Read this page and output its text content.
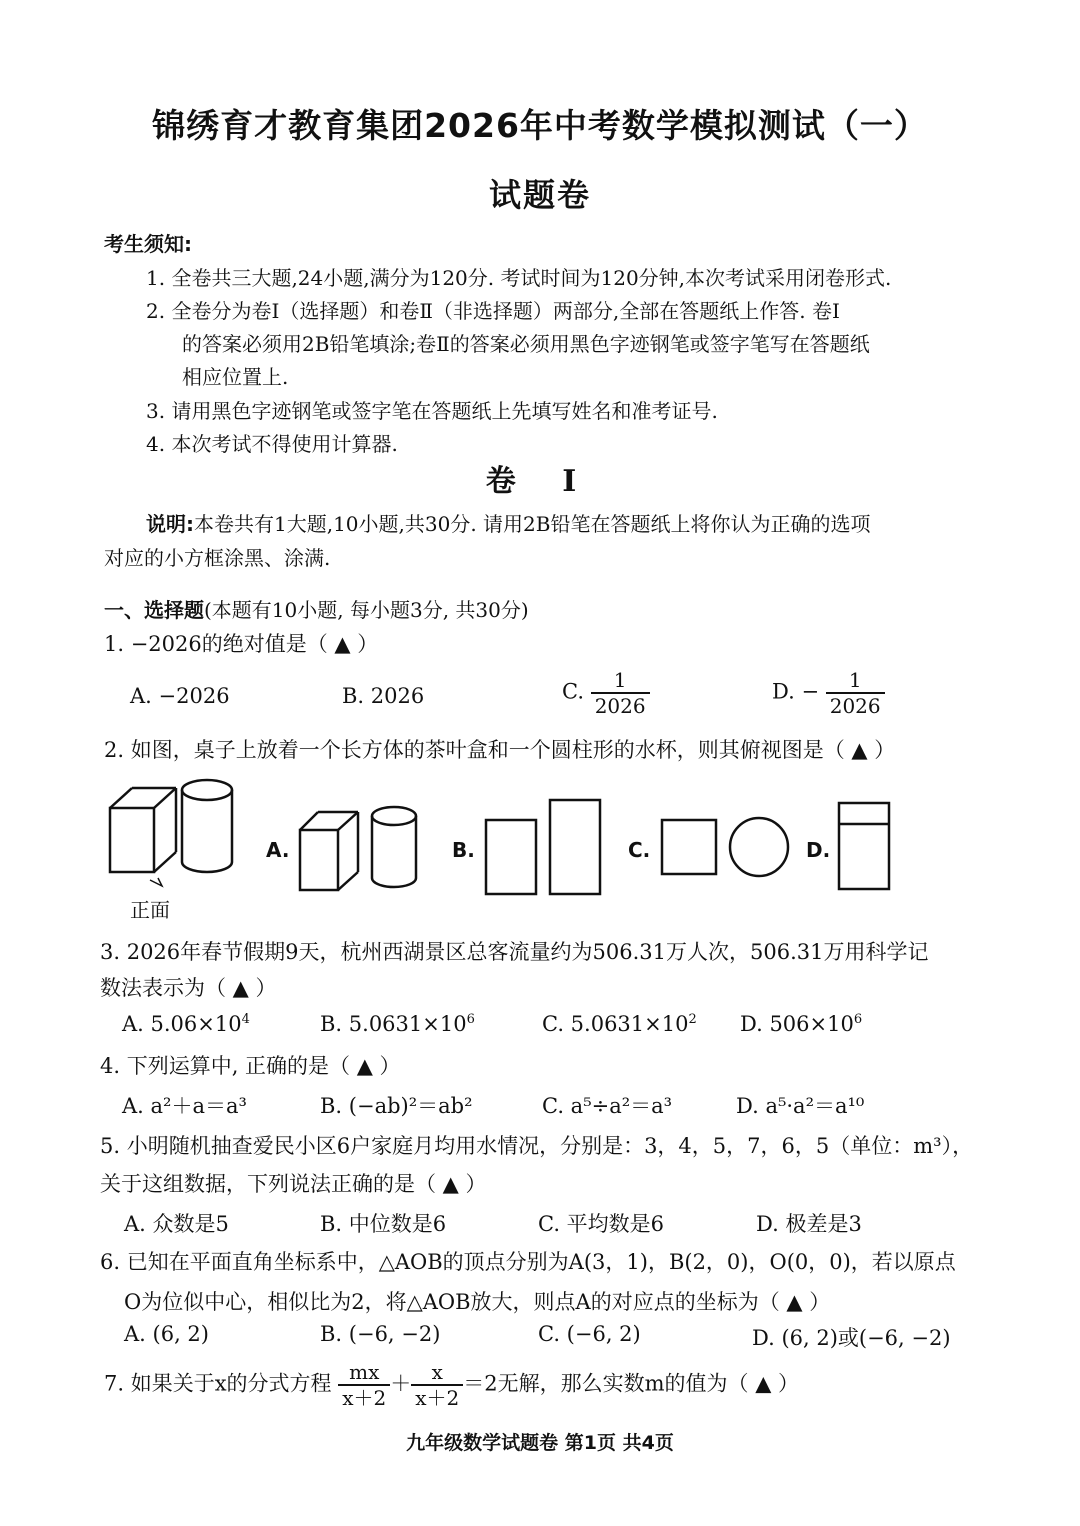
锦绣育才教育集团2026年中考数学模拟测试（一）
试题卷
考生须知:
1. 全卷共三大题,24小题,满分为120分. 考试时间为120分钟,本次考试采用闭卷形式.
2. 全卷分为卷Ⅰ（选择题）和卷Ⅱ（非选择题）两部分,全部在答题纸上作答. 卷Ⅰ
的答案必须用2B铅笔填涂;卷Ⅱ的答案必须用黑色字迹钢笔或签字笔写在答题纸
相应位置上.
3. 请用黑色字迹钢笔或签字笔在答题纸上先填写姓名和准考证号.
4. 本次考试不得使用计算器.
卷 Ⅰ
说明:本卷共有1大题,10小题,共30分. 请用2B铅笔在答题纸上将你认为正确的选项
对应的小方框涂黑、涂满.
一、选择题(本题有10小题, 每小题3分, 共30分)
1. −2026的绝对值是（ ▲ ）
A. −2026	B. 2026	C. $\frac{1}{2026}$	D. − $\frac{1}{2026}$
2. 如图，桌子上放着一个长方体的茶叶盒和一个圆柱形的水杯，则其俯视图是（ ▲ ）
正面
A.	B.	C.	D.
3. 2026年春节假期9天，杭州西湖景区总客流量约为506.31万人次，506.31万用科学记
数法表示为（ ▲ ）
A. $5.06\times 10^4$	B. $5.0631\times 10^6$	C. $5.0631\times 10^2$ D. $506\times 10^6$
4. 下列运算中, 正确的是（ ▲ ）
A. a²＋a＝a³	B. (−ab)²＝ab²	C. a⁵÷a²＝a³	D. a⁵·a²＝a¹⁰
5. 小明随机抽查爱民小区6户家庭月均用水情况，分别是：3，4，5，7，6，5（单位：m³），
关于这组数据，下列说法正确的是（ ▲ ）
A. 众数是5	B. 中位数是6	C. 平均数是6	D. 极差是3
6. 已知在平面直角坐标系中，△AOB的顶点分别为A(3，1)，B(2，0)，O(0，0)，若以原点
O为位似中心，相似比为2，将△AOB放大，则点A的对应点的坐标为（ ▲ ）
A. (6, 2)	B. (−6, −2)	C. (−6, 2)	D. (6, 2)或(−6, −2)
7. 如果关于x的分式方程 $\frac{mx}{x+2} + \frac{x}{x+2} =2$无解，那么实数m的值为（ ▲ ）
九年级数学试题卷 第1页 共4页
